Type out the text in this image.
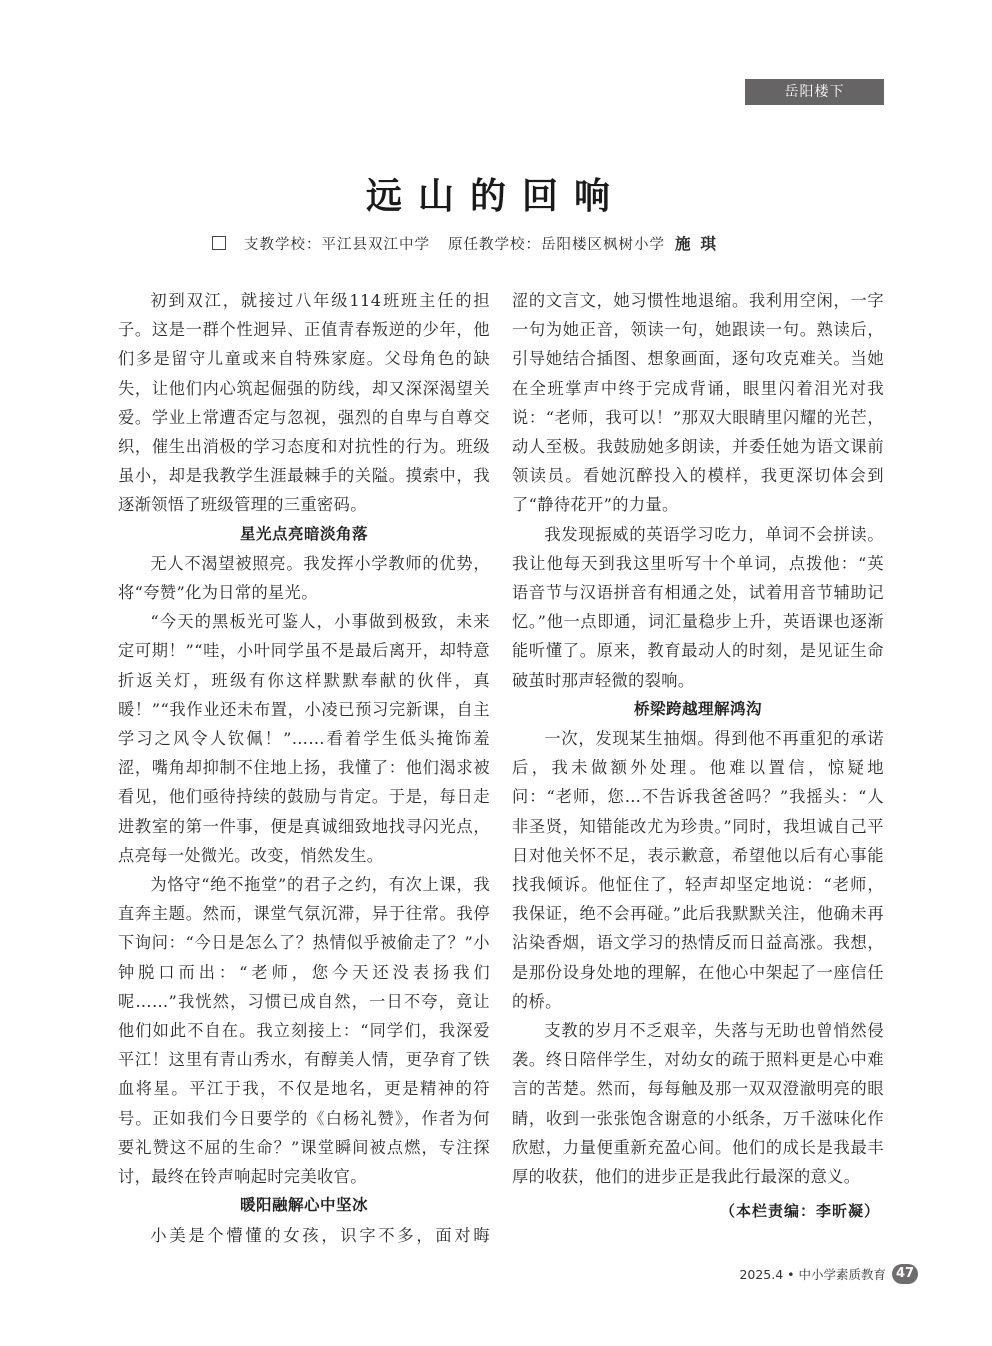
岳阳楼下
远山的回响
支教学校：平江县双江中学 原任教学校：岳阳楼区枫树小学 施琪

初到双江，就接过八年级114班班主任的担子。这是一群个性迥异、正值青春叛逆的少年，他们多是留守儿童或来自特殊家庭。父母角色的缺失，让他们内心筑起倔强的防线，却又深深渴望关爱。学业上常遭否定与忽视，强烈的自卑与自尊交织，催生出消极的学习态度和对抗性的行为。班级虽小，却是我教学生涯最棘手的关隘。摸索中，我逐渐领悟了班级管理的三重密码。

星光点亮暗淡角落

无人不渴望被照亮。我发挥小学教师的优势，将“夸赞”化为日常的星光。

“今天的黑板光可鉴人，小事做到极致，未来定可期！”“哇，小叶同学虽不是最后离开，却特意折返关灯，班级有你这样默默奉献的伙伴，真暖！”“我作业还未布置，小凌已预习完新课，自主学习之风令人钦佩！”……看着学生低头掩饰羞涩，嘴角却抑制不住地上扬，我懂了：他们渴求被看见，他们亟待持续的鼓励与肯定。于是，每日走进教室的第一件事，便是真诚细致地找寻闪光点，点亮每一处微光。改变，悄然发生。

为恪守“绝不拖堂”的君子之约，有次上课，我直奔主题。然而，课堂气氛沉滞，异于往常。我停下询问：“今日是怎么了？热情似乎被偷走了？”小钟脱口而出：“老师，您今天还没表扬我们呢……”我恍然，习惯已成自然，一日不夸，竟让他们如此不自在。我立刻接上：“同学们，我深爱平江！这里有青山秀水，有醇美人情，更孕育了铁血将星。平江于我，不仅是地名，更是精神的符号。正如我们今日要学的《白杨礼赞》，作者为何要礼赞这不屈的生命？”课堂瞬间被点燃，专注探讨，最终在铃声响起时完美收官。

暖阳融解心中坚冰

小美是个懵懂的女孩，识字不多，面对晦

涩的文言文，她习惯性地退缩。我利用空闲，一字一句为她正音，领读一句，她跟读一句。熟读后，引导她结合插图、想象画面，逐句攻克难关。当她在全班掌声中终于完成背诵，眼里闪着泪光对我说：“老师，我可以！”那双大眼睛里闪耀的光芒，动人至极。我鼓励她多朗读，并委任她为语文课前领读员。看她沉醉投入的模样，我更深切体会到了“静待花开”的力量。

我发现振威的英语学习吃力，单词不会拼读。我让他每天到我这里听写十个单词，点拨他：“英语音节与汉语拼音有相通之处，试着用音节辅助记忆。”他一点即通，词汇量稳步上升，英语课也逐渐能听懂了。原来，教育最动人的时刻，是见证生命破茧时那声轻微的裂响。

桥梁跨越理解鸿沟

一次，发现某生抽烟。得到他不再重犯的承诺后，我未做额外处理。他难以置信，惊疑地问：“老师，您…不告诉我爸爸吗？”我摇头：“人非圣贤，知错能改尤为珍贵。”同时，我坦诚自己平日对他关怀不足，表示歉意，希望他以后有心事能找我倾诉。他怔住了，轻声却坚定地说：“老师，我保证，绝不会再碰。”此后我默默关注，他确未再沾染香烟，语文学习的热情反而日益高涨。我想，是那份设身处地的理解，在他心中架起了一座信任的桥。

支教的岁月不乏艰辛，失落与无助也曾悄然侵袭。终日陪伴学生，对幼女的疏于照料更是心中难言的苦楚。然而，每每触及那一双双澄澈明亮的眼睛，收到一张张饱含谢意的小纸条，万千滋味化作欣慰，力量便重新充盈心间。他们的成长是我最丰厚的收获，他们的进步正是我此行最深的意义。

（本栏责编：李昕凝）
2025.4 • 中小学素质教育 47
